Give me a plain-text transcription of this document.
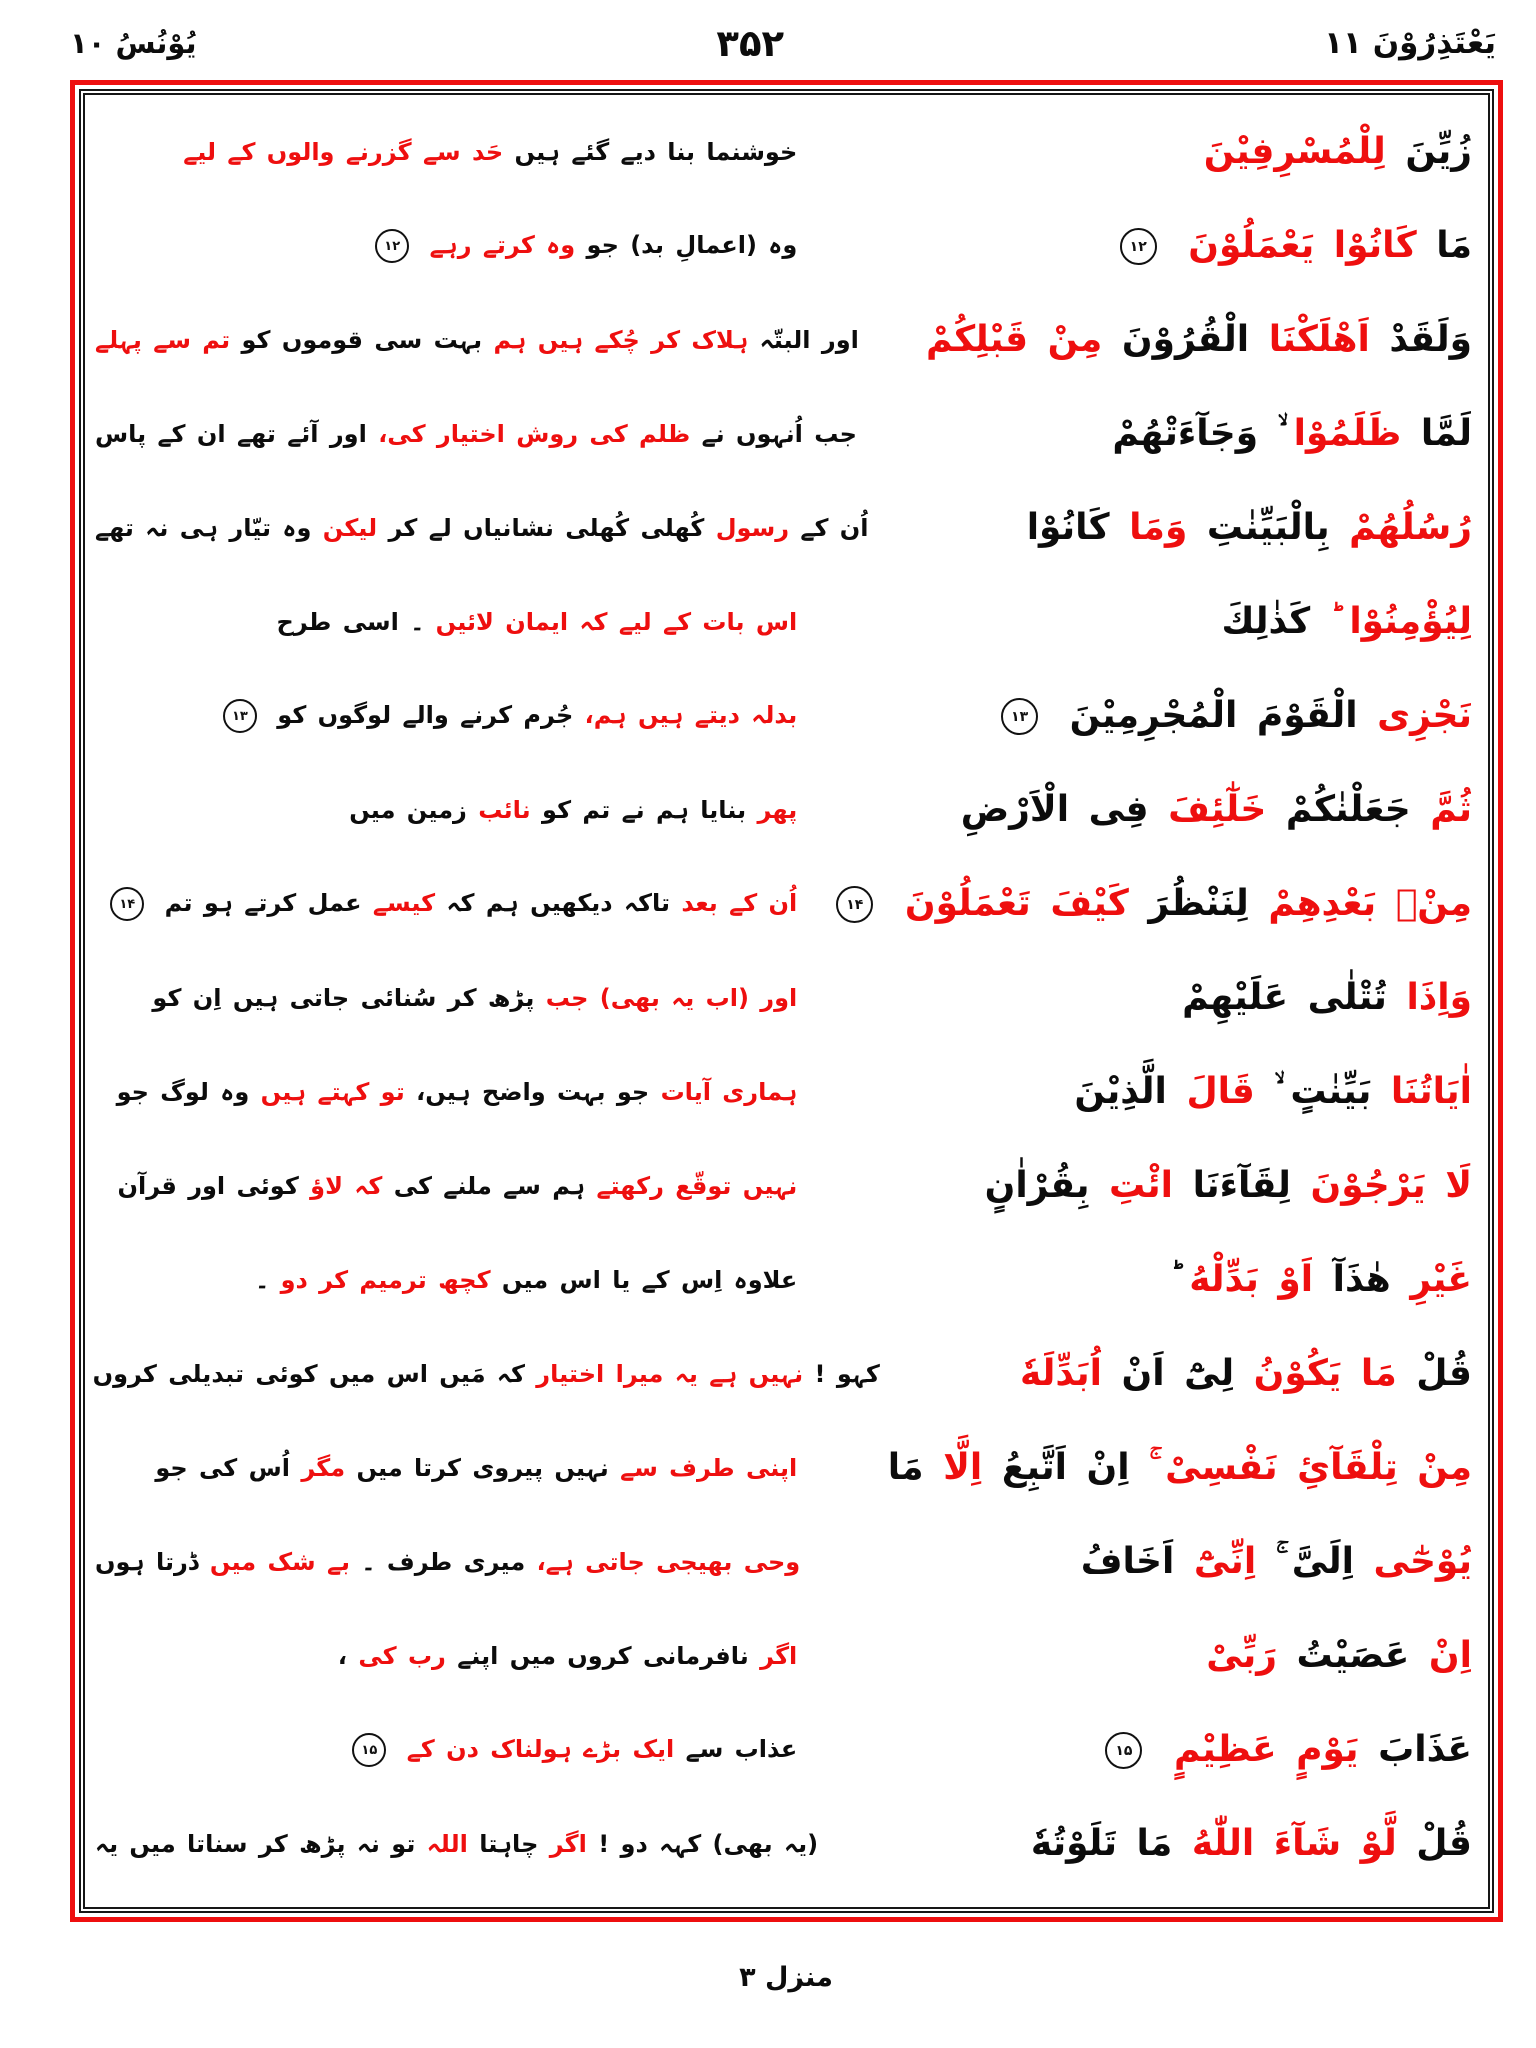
یُوْنُسُ ۱۰	۳۵۲	يَعْتَذِرُوْنَ ۱۱
زُيِّنَ لِلْمُسْرِفِيْنَ
خوشنما بنا دیے گئے ہیں حَد سے گزرنے والوں کے لیے
مَا كَانُوْا يَعْمَلُوْنَ ۱۲
وہ (اعمالِ بد) جو وہ کرتے رہے ۱۲
وَلَقَدْ اَهْلَكْنَا الْقُرُوْنَ مِنْ قَبْلِكُمْ
اور البتّہ ہلاک کر چُکے ہیں ہم بہت سی قوموں کو تم سے پہلے
لَمَّا ظَلَمُوْا ۙ وَجَآءَتْهُمْ
جب اُنہوں نے ظلم کی روش اختیار کی، اور آئے تھے ان کے پاس
رُسُلُهُمْ بِالْبَيِّنٰتِ وَمَا كَانُوْا
اُن کے رسول کُھلی کُھلی نشانیاں لے کر لیکن وہ تیّار ہی نہ تھے
لِيُؤْمِنُوْا ؕ كَذٰلِكَ
اس بات کے لیے کہ ایمان لائیں ۔ اسی طرح
نَجْزِى الْقَوْمَ الْمُجْرِمِيْنَ ۱۳
بدلہ دیتے ہیں ہم، جُرم کرنے والے لوگوں کو ۱۳
ثُمَّ جَعَلْنٰكُمْ خَلٰٓئِفَ فِى الْاَرْضِ
پھر بنایا ہم نے تم کو نائب زمین میں
مِنْۢ بَعْدِهِمْ لِنَنْظُرَ كَيْفَ تَعْمَلُوْنَ ۱۴
اُن کے بعد تاکہ دیکھیں ہم کہ کیسے عمل کرتے ہو تم ۱۴
وَاِذَا تُتْلٰى عَلَيْهِمْ
اور (اب یہ بھی) جب پڑھ کر سُنائی جاتی ہیں اِن کو
اٰيَاتُنَا بَيِّنٰتٍ ۙ قَالَ الَّذِيْنَ
ہماری آیات جو بہت واضح ہیں، تو کہتے ہیں وہ لوگ جو
لَا يَرْجُوْنَ لِقَآءَنَا ائْتِ بِقُرْاٰنٍ
نہیں توقّع رکھتے ہم سے ملنے کی کہ لاؤ کوئی اور قرآن
غَيْرِ هٰذَآ اَوْ بَدِّلْهُ
علاوہ اِس کے یا اس میں کچھ ترمیم کر دو ۔
قُلْ مَا يَكُوْنُ لِىْٓ اَنْ اُبَدِّلَهٗ
کہو ! نہیں ہے یہ میرا اختیار کہ مَیں اس میں کوئی تبدیلی کروں
مِنْ تِلْقَآئِ نَفْسِىْ ۚ اِنْ اَتَّبِعُ اِلَّا مَا
اپنی طرف سے نہیں پیروی کرتا میں مگر اُس کی جو
يُوْحٰٓى اِلَىَّ ۚ اِنِّىْٓ اَخَافُ
وحی بھیجی جاتی ہے، میری طرف ۔ بے شک میں ڈرتا ہوں
اِنْ عَصَيْتُ رَبِّىْ
اگر نافرمانی کروں میں اپنے رب کی ،
عَذَابَ يَوْمٍ عَظِيْمٍ ۱۵
عذاب سے ایک بڑے ہولناک دن کے ۱۵
قُلْ لَّوْ شَآءَ اللّٰهُ مَا تَلَوْتُهٗ
(یہ بھی) کہہ دو ! اگر چاہتا اللہ تو نہ پڑھ کر سناتا میں یہ
منزل ۳
